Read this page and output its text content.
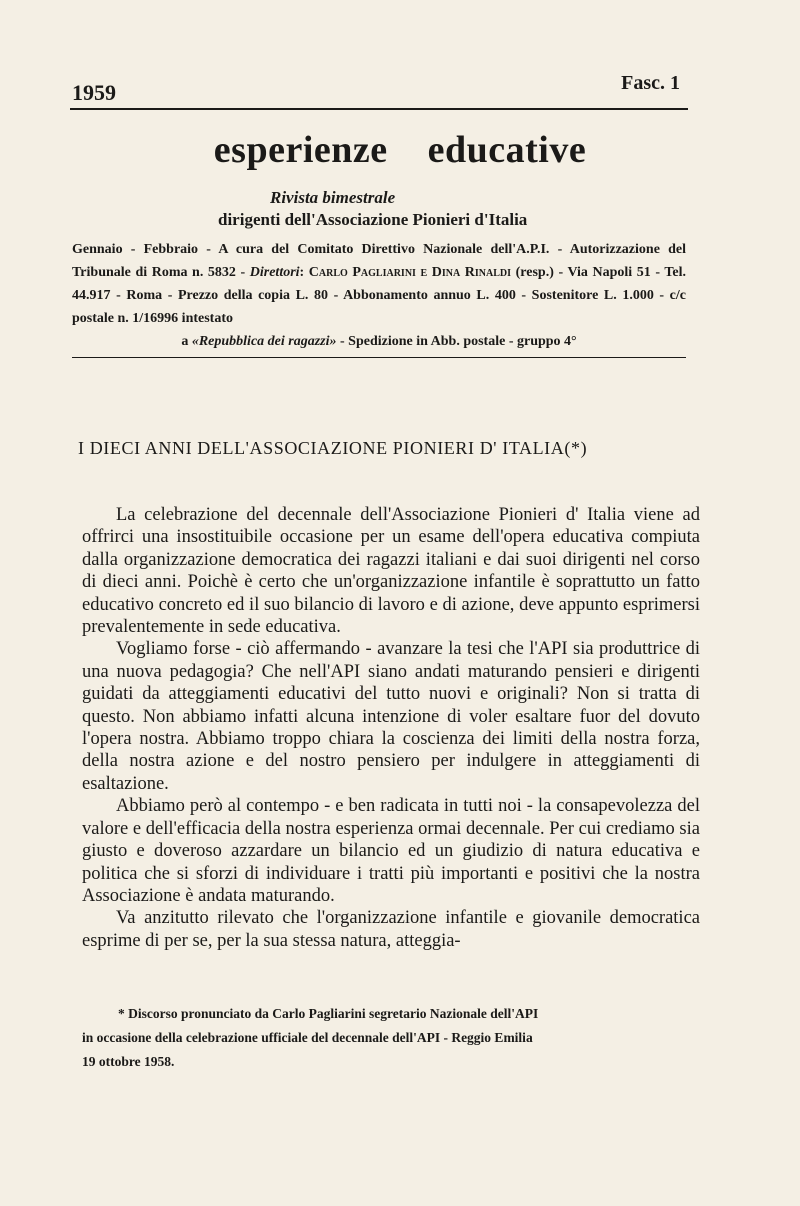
1959	Fasc. 1
esperienze educative
Rivista bimestrale
dirigenti dell'Associazione Pionieri d'Italia
Gennaio - Febbraio - A cura del Comitato Direttivo Nazionale dell'A.P.I. - Autorizzazione del Tribunale di Roma n. 5832 - Direttori: Carlo Pagliarini e Dina Rinaldi (resp.) - Via Napoli 51 - Tel. 44.917 - Roma - Prezzo della copia L. 80 - Abbonamento annuo L. 400 - Sostenitore L. 1.000 - c/c postale n. 1/16996 intestato
a «Repubblica dei ragazzi» - Spedizione in Abb. postale - gruppo 4°
I DIECI ANNI DELL'ASSOCIAZIONE PIONIERI D' ITALIA(*)

La celebrazione del decennale dell'Associazione Pionieri d' Italia viene ad offrirci una insostituibile occasione per un esame dell'opera educativa compiuta dalla organizzazione democratica dei ragazzi italiani e dai suoi dirigenti nel corso di dieci anni. Poichè è certo che un'organizzazione infantile è soprattutto un fatto educativo concreto ed il suo bilancio di lavoro e di azione, deve appunto esprimersi prevalentemente in sede educativa.

Vogliamo forse - ciò affermando - avanzare la tesi che l'API sia produttrice di una nuova pedagogia? Che nell'API siano andati maturando pensieri e dirigenti guidati da atteggiamenti educativi del tutto nuovi e originali? Non si tratta di questo. Non abbiamo infatti alcuna intenzione di voler esaltare fuor del dovuto l'opera nostra. Abbiamo troppo chiara la coscienza dei limiti della nostra forza, della nostra azione e del nostro pensiero per indulgere in atteggiamenti di esaltazione.

Abbiamo però al contempo - e ben radicata in tutti noi - la consapevolezza del valore e dell'efficacia della nostra esperienza ormai decennale. Per cui crediamo sia giusto e doveroso azzardare un bilancio ed un giudizio di natura educativa e politica che si sforzi di individuare i tratti più importanti e positivi che la nostra Associazione è andata maturando.

Va anzitutto rilevato che l'organizzazione infantile e giovanile democratica esprime di per se, per la sua stessa natura, atteggia-

* Discorso pronunciato da Carlo Pagliarini segretario Nazionale dell'API

in occasione della celebrazione ufficiale del decennale dell'API - Reggio Emilia

19 ottobre 1958.
